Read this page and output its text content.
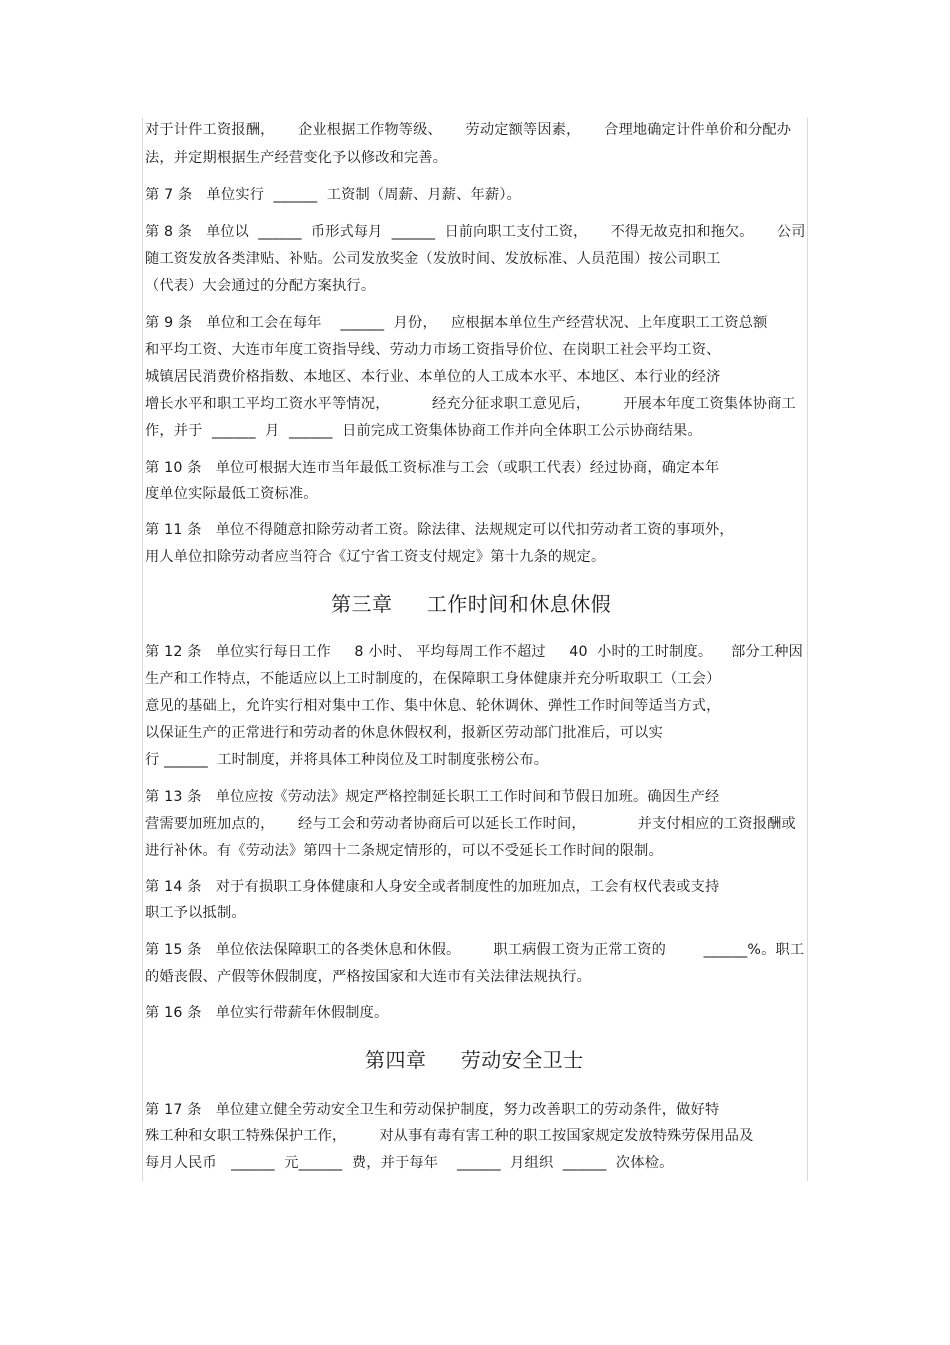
对于计件工资报酬，     企业根据工作物等级、     劳动定额等因素，     合理地确定计件单价和分配办
法，并定期根据生产经营变化予以修改和完善。
第 7 条   单位实行  ______  工资制（周薪、月薪、年薪）。
第 8 条   单位以  ______  币形式每月  ______  日前向职工支付工资，     不得无故克扣和拖欠。     公司
随工资发放各类津贴、补贴。公司发放奖金（发放时间、发放标准、人员范围）按公司职工
（代表）大会通过的分配方案执行。
第 9 条   单位和工会在每年    ______  月份，   应根据本单位生产经营状况、上年度职工工资总额
和平均工资、大连市年度工资指导线、劳动力市场工资指导价位、在岗职工社会平均工资、
城镇居民消费价格指数、本地区、本行业、本单位的人工成本水平、本地区、本行业的经济
增长水平和职工平均工资水平等情况，         经充分征求职工意见后，       开展本年度工资集体协商工
作，并于  ______  月  ______  日前完成工资集体协商工作并向全体职工公示协商结果。
第 10 条   单位可根据大连市当年最低工资标准与工会（或职工代表）经过协商，确定本年
度单位实际最低工资标准。
第 11 条   单位不得随意扣除劳动者工资。除法律、法规规定可以代扣劳动者工资的事项外，
用人单位扣除劳动者应当符合《辽宁省工资支付规定》第十九条的规定。
第三章     工作时间和休息休假
第 12 条   单位实行每日工作     8 小时、 平均每周工作不超过     40  小时的工时制度。    部分工种因
生产和工作特点，不能适应以上工时制度的，在保障职工身体健康并充分听取职工（工会）
意见的基础上，允许实行相对集中工作、集中休息、轮休调休、弹性工作时间等适当方式，
以保证生产的正常进行和劳动者的休息休假权利，报新区劳动部门批准后，可以实
行 ______  工时制度，并将具体工种岗位及工时制度张榜公布。
第 13 条   单位应按《劳动法》规定严格控制延长职工工作时间和节假日加班。确因生产经
营需要加班加点的，     经与工会和劳动者协商后可以延长工作时间，           并支付相应的工资报酬或
进行补休。有《劳动法》第四十二条规定情形的，可以不受延长工作时间的限制。
第 14 条   对于有损职工身体健康和人身安全或者制度性的加班加点，工会有权代表或支持
职工予以抵制。
第 15 条   单位依法保障职工的各类休息和休假。       职工病假工资为正常工资的        ______%。职工
的婚丧假、产假等休假制度，严格按国家和大连市有关法律法规执行。
第 16 条   单位实行带薪年休假制度。
第四章     劳动安全卫士
第 17 条   单位建立健全劳动安全卫生和劳动保护制度，努力改善职工的劳动条件，做好特
殊工种和女职工特殊保护工作，       对从事有毒有害工种的职工按国家规定发放特殊劳保用品及
每月人民币   ______  元______  费，并于每年    ______  月组织  ______  次体检。
